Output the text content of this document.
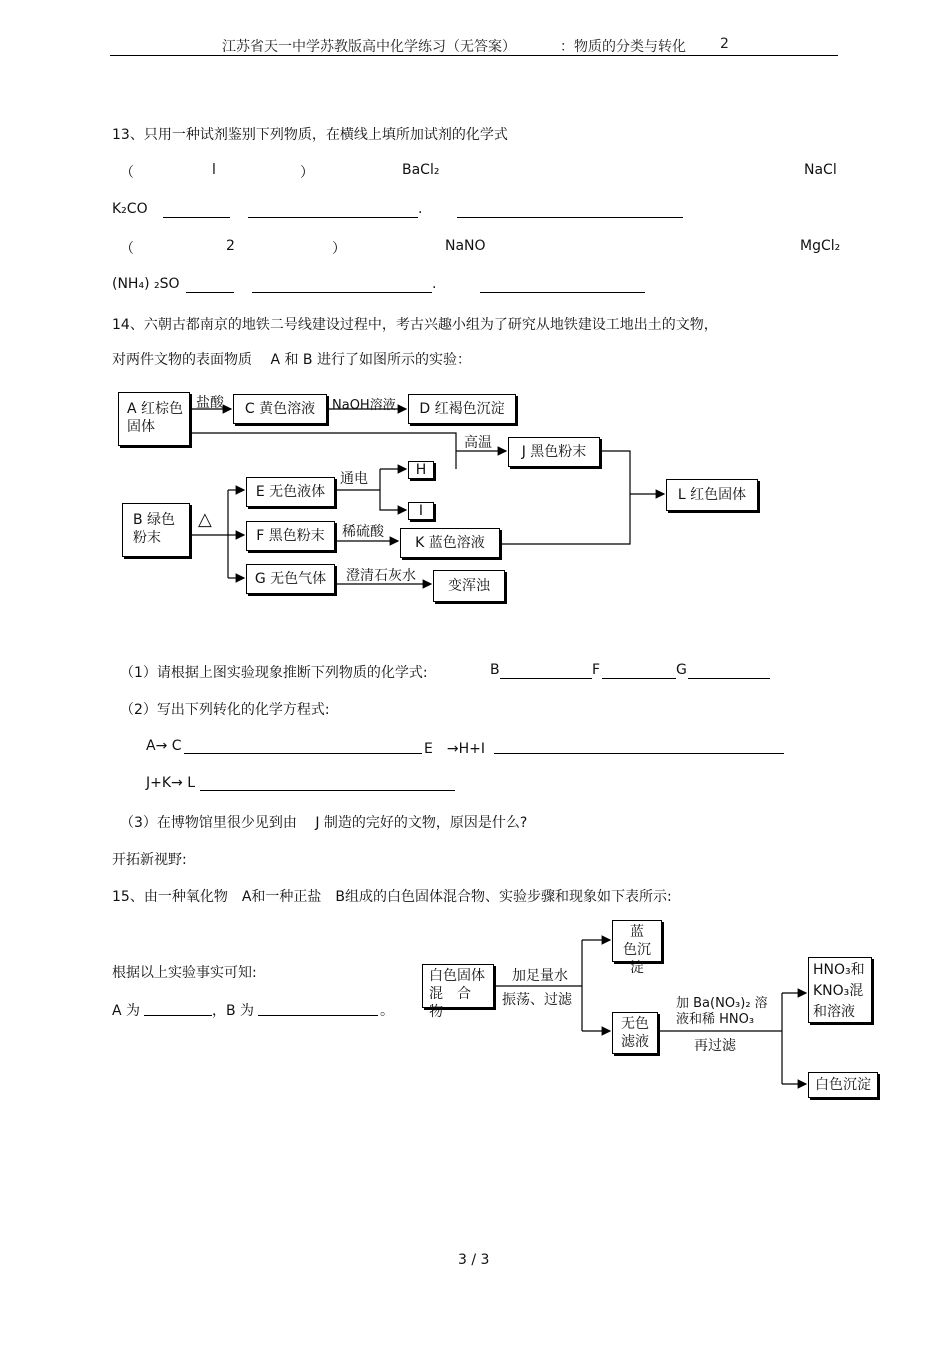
江苏省天一中学苏教版高中化学练习（无答案）	：物质的分类与转化 2
13、只用一种试剂鉴别下列物质，在横线上填所加试剂的化学式
（	l	）	BaCl₂	NaCl
K₂CO	.
（	2	）	NaNO	MgCl₂
(NH₄) ₂SO	.
14、六朝古都南京的地铁二号线建设过程中，考古兴趣小组为了研究从地铁建设工地出土的文物，
对两件文物的表面物质　 A 和 B 进行了如图所示的实验：
A 红棕色固体
C 黄色溶液	D 红褐色沉淀
J 黑色粉末
H
I
B 绿色粉末
E 无色液体
F 黑色粉末
G 无色气体
K 蓝色溶液
变浑浊
L 红色固体
盐酸	NaOH溶液
高温
通电
稀硫酸
澄清石灰水
△
（1）请根据上图实验现象推断下列物质的化学式:	B	F	G
（2）写出下列转化的化学方程式:
A→ C	E　→H+I
J+K→ L
（3）在博物馆里很少见到由　 J 制造的完好的文物，原因是什么?
开拓新视野:
15、由一种氧化物　A和一种正盐　B组成的白色固体混合物、实验步骤和现象如下表所示:
根据以上实验事实可知:
A 为	，B 为	。
白色固体混　合　物
加足量水
振荡、过滤
蓝　色沉　淀
无色滤液
加 Ba(NO₃)₂ 溶液和稀 HNO₃
再过滤
HNO₃和KNO₃混和溶液
白色沉淀
3 / 3
